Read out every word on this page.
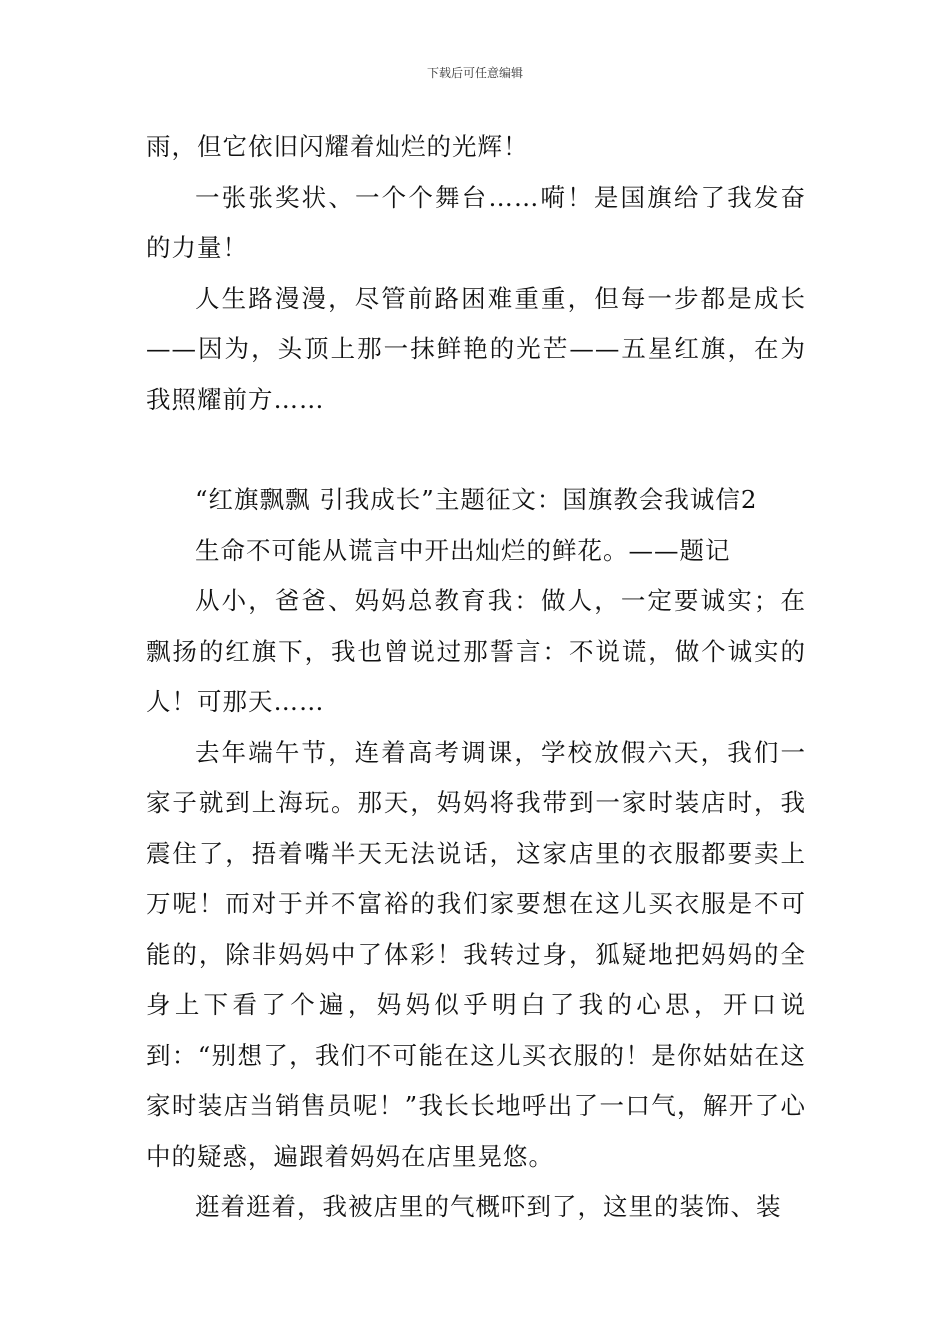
下载后可任意编辑

雨，但它依旧闪耀着灿烂的光辉！

一张张奖状、一个个舞台……嗬！是国旗给了我发奋的力量！

人生路漫漫，尽管前路困难重重，但每一步都是成长——因为，头顶上那一抹鲜艳的光芒——五星红旗，在为我照耀前方……

“红旗飘飘 引我成长”主题征文：国旗教会我诚信2

生命不可能从谎言中开出灿烂的鲜花。——题记

从小，爸爸、妈妈总教育我：做人，一定要诚实；在飘扬的红旗下，我也曾说过那誓言：不说谎，做个诚实的人！可那天……

去年端午节，连着高考调课，学校放假六天，我们一家子就到上海玩。那天，妈妈将我带到一家时装店时，我震住了，捂着嘴半天无法说话，这家店里的衣服都要卖上万呢！而对于并不富裕的我们家要想在这儿买衣服是不可能的，除非妈妈中了体彩！我转过身，狐疑地把妈妈的全身上下看了个遍，妈妈似乎明白了我的心思，开口说到：“别想了，我们不可能在这儿买衣服的！是你姑姑在这家时装店当销售员呢！”我长长地呼出了一口气，解开了心中的疑惑，遍跟着妈妈在店里晃悠。

逛着逛着，我被店里的气概吓到了，这里的装饰、装
